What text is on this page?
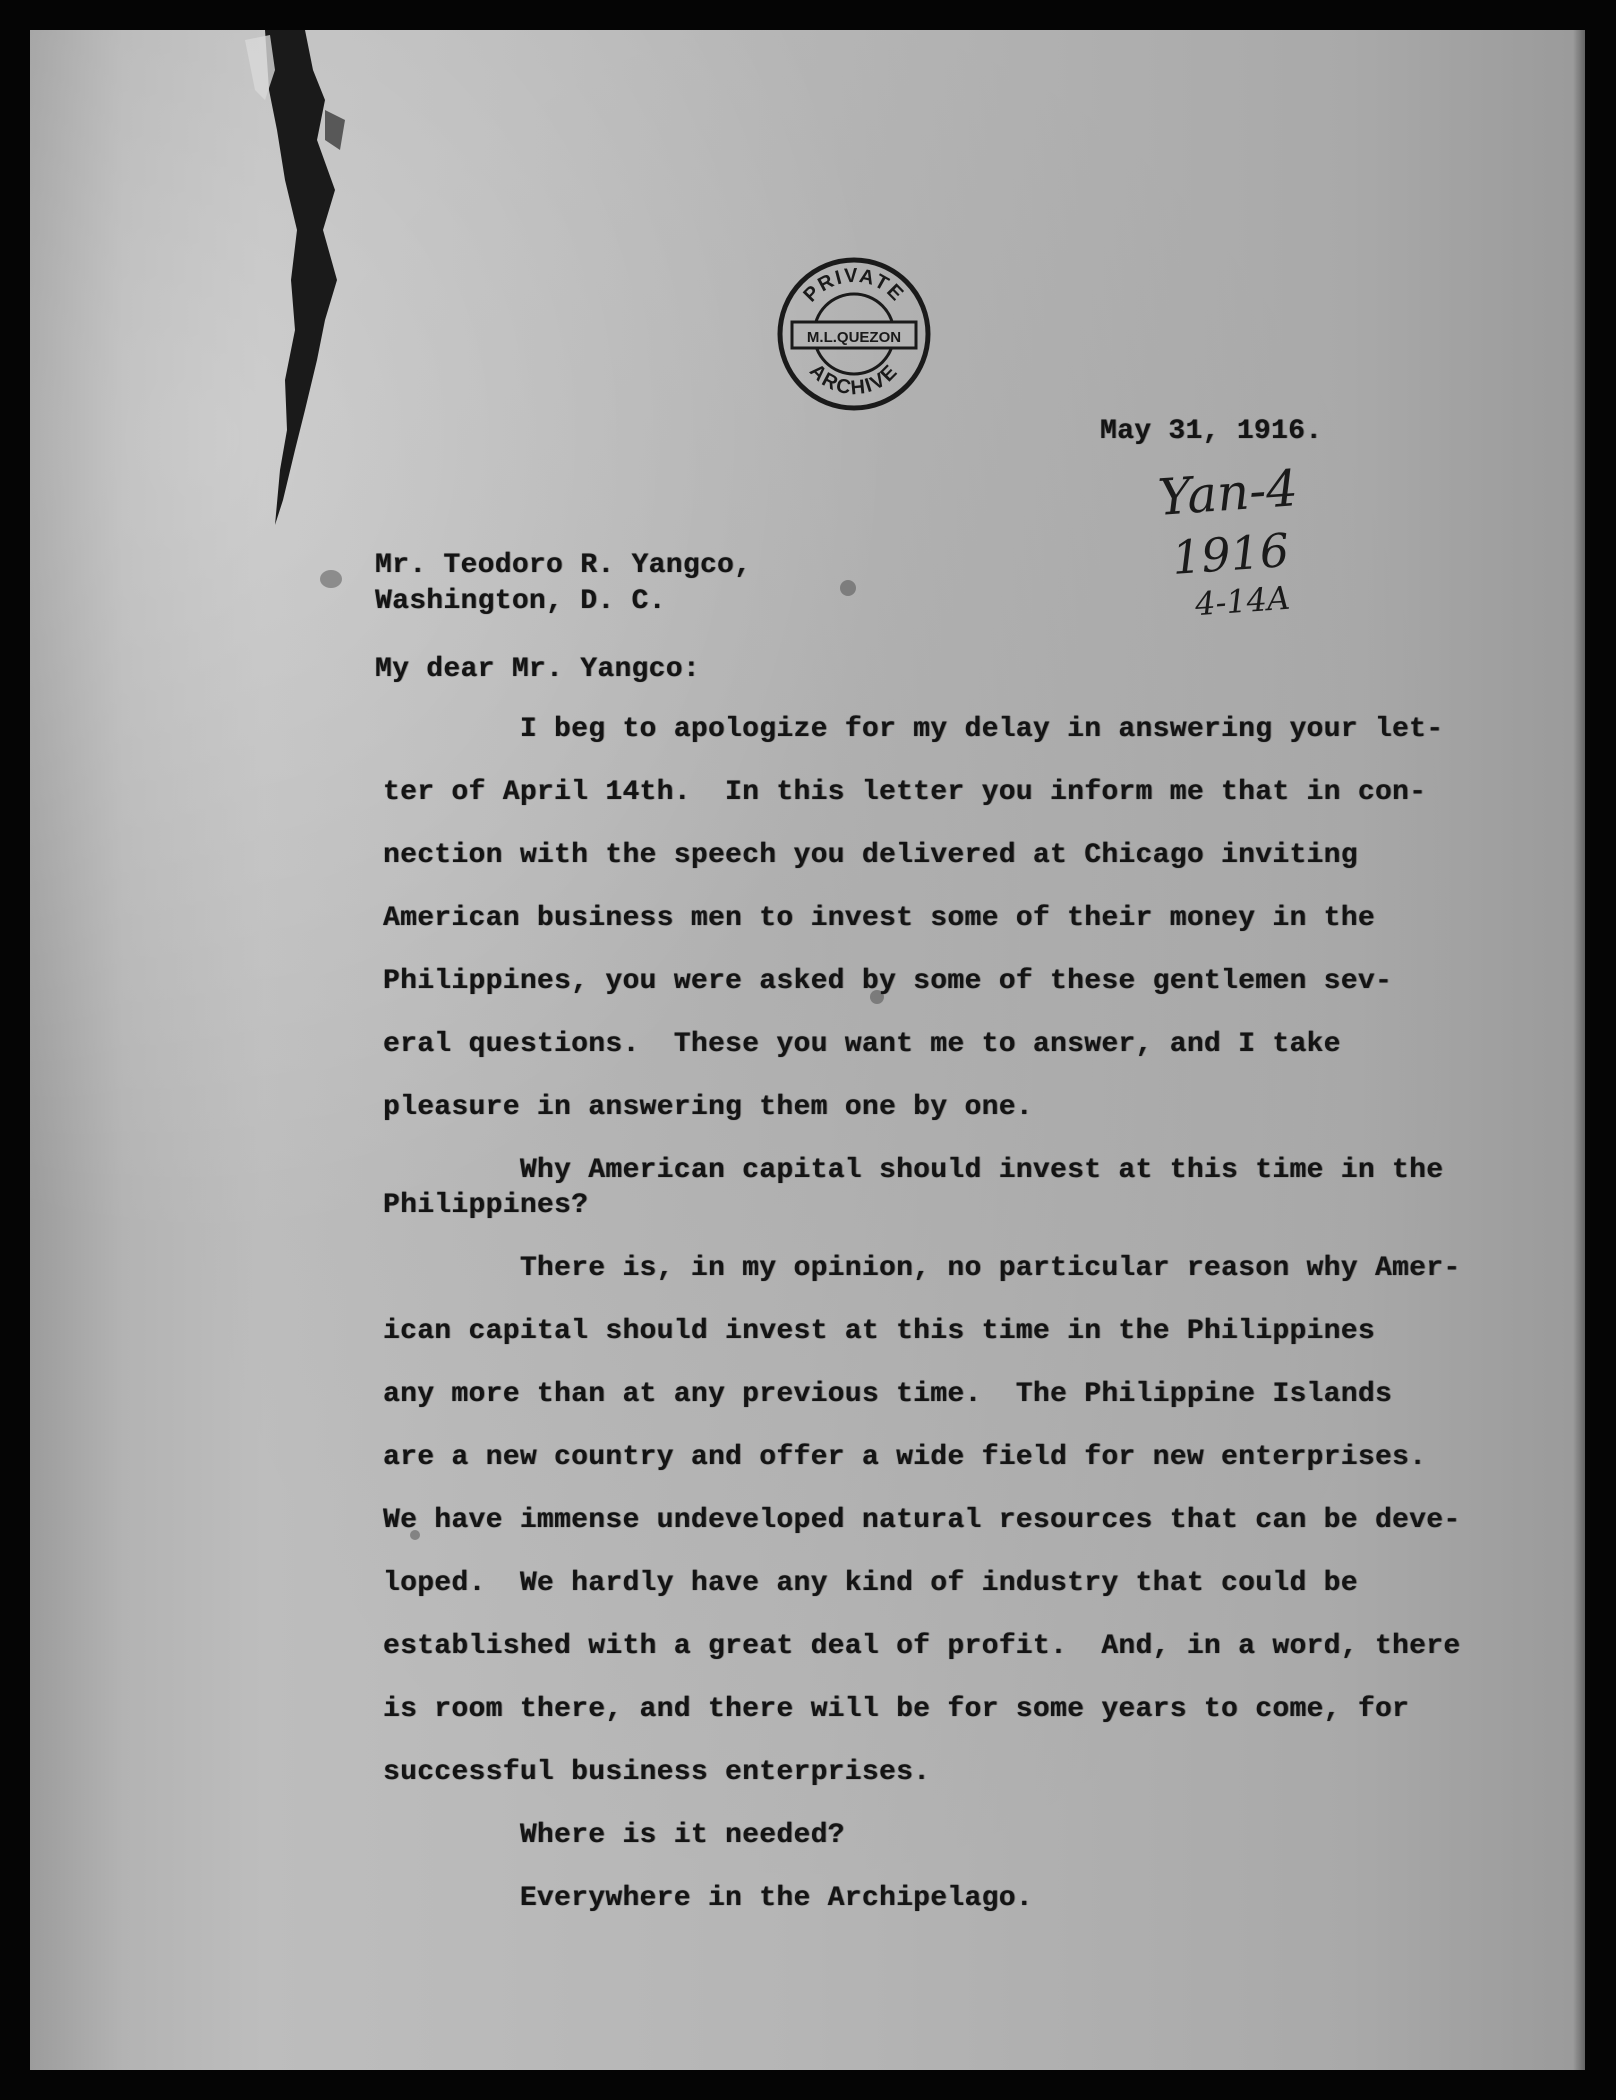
PRIVATE
M.L.QUEZON
ARCHIVE
May 31, 1916.
Yan-4
1916
4-14A
Mr. Teodoro R. Yangco,
Washington, D. C.
My dear Mr. Yangco:
I beg to apologize for my delay in answering your let-
ter of April 14th.  In this letter you inform me that in con-
nection with the speech you delivered at Chicago inviting
American business men to invest some of their money in the
Philippines, you were asked by some of these gentlemen sev-
eral questions.  These you want me to answer, and I take
pleasure in answering them one by one.
Why American capital should invest at this time in the
Philippines?
There is, in my opinion, no particular reason why Amer-
ican capital should invest at this time in the Philippines
any more than at any previous time.  The Philippine Islands
are a new country and offer a wide field for new enterprises.
We have immense undeveloped natural resources that can be deve-
loped.  We hardly have any kind of industry that could be
established with a great deal of profit.  And, in a word, there
is room there, and there will be for some years to come, for
successful business enterprises.
Where is it needed?
Everywhere in the Archipelago.
